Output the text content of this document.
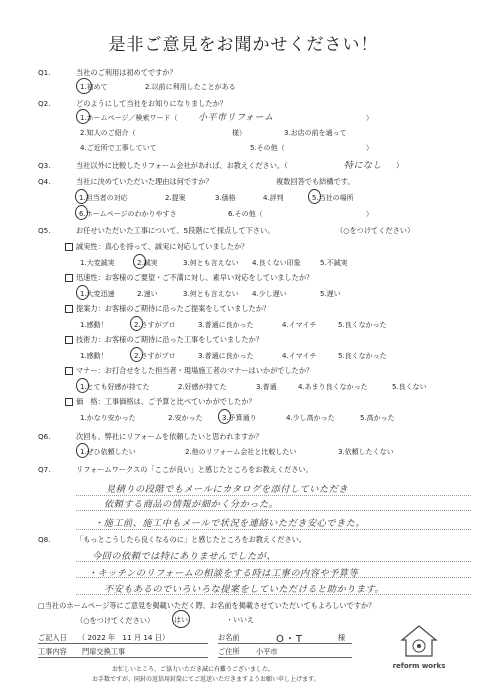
是非ご意見をお聞かせください！
Q1.	当社のご利用は初めてですか？
1.初めて	2.以前に利用したことがある
Q2.	どのようにして当社をお知りになりましたか？
1.ホームページ／検索ワード（ 小平市リフォーム	）
2.知人のご紹介（	様）	3.お店の前を通って
4.ご近所で工事していて	5.その他（	）
Q3.	当社以外に比較したリフォーム会社があれば、お教えください。（	特になし ）
Q4.	当社に決めていただいた理由は何ですか？	複数回答でも結構です。
1.担当者の対応	2.提案	3.価格	4.評判	5.当社の場所
6.ホームページのわかりやすさ	6.その他（	）
Q5.	お任せいただいた工事について、5段階にて採点して下さい。	（○をつけてください）
誠実性：真心を持って、誠実に対応していましたか？
1.大変誠実	2.誠実	3.何とも言えない 4.良くない印象	5.不誠実
迅速性：お客様のご要望・ご不満に対し、素早い対応をしていましたか？
1.大変迅速	2.速い	3.何とも言えない 4.少し遅い	5.遅い
提案力：お客様のご期待に沿ったご提案をしていましたか？
1.感動！	2.さすがプロ	3.普通に良かった	4.イマイチ	5.良くなかった
技術力：お客様のご期待に沿った工事をしていましたか？
1.感動！	2.さすがプロ	3.普通に良かった	4.イマイチ	5.良くなかった
マナー：お打合せをした担当者・現場施工者のマナーはいかがでしたか？
1.とても好感が持てた	2.好感が持てた	3.普通	4.あまり良くなかった	5.良くない
価　格：工事価格は、ご予算と比べていかがでしたか？
1.かなり安かった	2.安かった	3.予算通り	4.少し高かった	5.高かった
Q6.	次回も、弊社にリフォームを依頼したいと思われますか？
1.ぜひ依頼したい	2.他のリフォーム会社と比較したい	3.依頼したくない
Q7.	リフォームワークスの「ここが良い」と感じたところをお教えください。
見積りの段階でもメールにカタログを添付していただき
依頼する商品の情報が細かく分かった。
・施工前、施工中もメールで状況を連絡いただき安心できた。
Q8.	「もっとこうしたら良くなるのに」と感じたところをお教えください。
今回の依頼では特にありませんでしたが、
・キッチンのリフォームの相談をする時は工事の内容や予算等
不安もあるのでいろいろな提案をしていただけると助かります。
□当社のホームページ等にご意見を掲載いただく際、お名前を掲載させていただいてもよろしいですか？
（○をつけてください）	はい	・いいえ
ご記入日 （ 2022 年　11 月 14 日）	お名前	O・T	様
工事内容 門扉交換工事	ご住所 小平市
お忙しいところ、ご協力いただき誠に有難うございました。
お手数ですが、同封の返信用封筒にてご返送いただきますようお願い申し上げます。
reform works
